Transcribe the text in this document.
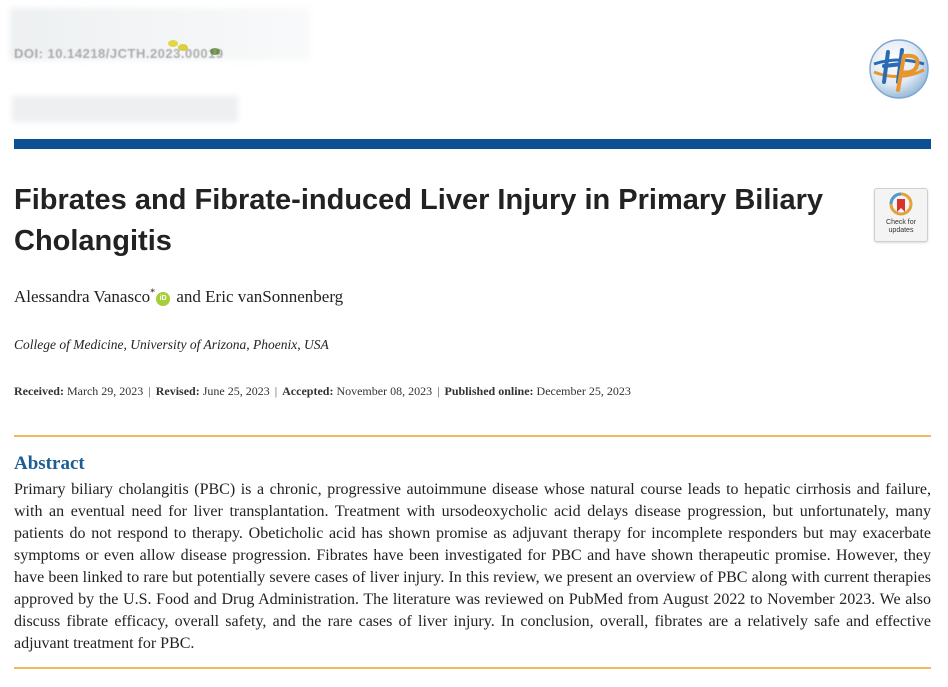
DOI: 10.14218/JCTH.2023.00019
Fibrates and Fibrate-induced Liver Injury in Primary Biliary Cholangitis
Check for
updates
Alessandra Vanasco*iD and Eric vanSonnenberg
College of Medicine, University of Arizona, Phoenix, USA
Received: March 29, 2023 | Revised: June 25, 2023 | Accepted: November 08, 2023 | Published online: December 25, 2023
Abstract

Primary biliary cholangitis (PBC) is a chronic, progressive autoimmune disease whose natural course leads to hepatic cirrhosis and failure, with an eventual need for liver transplantation. Treatment with ursodeoxycholic acid delays disease progression, but unfortunately, many patients do not respond to therapy. Obeticholic acid has shown promise as adjuvant therapy for incomplete responders but may exacerbate symptoms or even allow disease progression. Fibrates have been investigated for PBC and have shown therapeutic promise. However, they have been linked to rare but potentially severe cases of liver injury. In this review, we present an overview of PBC along with current therapies approved by the U.S. Food and Drug Administration. The literature was reviewed on PubMed from August 2022 to November 2023. We also discuss fibrate efficacy, overall safety, and the rare cases of liver injury. In conclusion, overall, fibrates are a relatively safe and effective adjuvant treatment for PBC.
